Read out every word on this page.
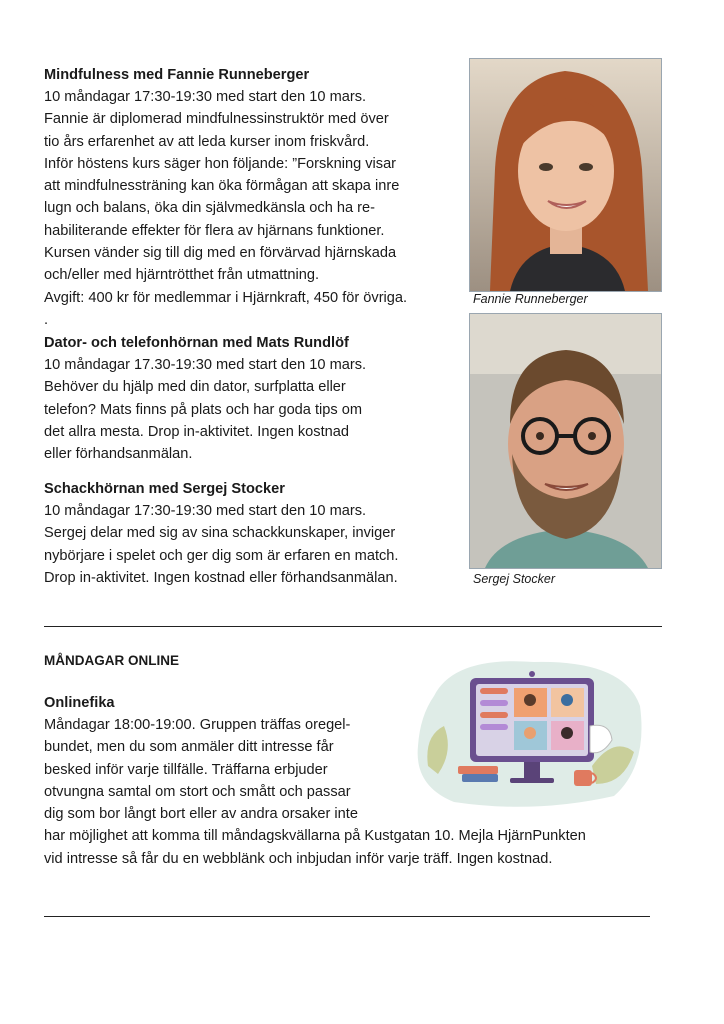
Mindfulness med Fannie Runneberger
10 måndagar 17:30-19:30 med start den 10 mars.
Fannie är diplomerad mindfulnessinstruktör med över
tio års erfarenhet av att leda kurser inom friskvård.
Inför höstens kurs säger hon följande: ”Forskning visar
att mindfulnessträning kan öka förmågan att skapa inre
lugn och balans, öka din självmedkänsla och ha re-
habiliterande effekter för flera av hjärnans funktioner.
Kursen vänder sig till dig med en förvärvad hjärnskada
och/eller med hjärntrötthet från utmattning.
Avgift: 400 kr för medlemmar i Hjärnkraft, 450 för övriga.
.
Fannie Runneberger
Dator- och telefonhörnan med Mats Rundlöf
10 måndagar 17.30-19:30 med start den 10 mars.
Behöver du hjälp med din dator, surfplatta eller
telefon? Mats finns på plats och har goda tips om
det allra mesta. Drop in-aktivitet. Ingen kostnad
eller förhandsanmälan.
Sergej Stocker
Schackhörnan med Sergej Stocker
10 måndagar 17:30-19:30 med start den 10 mars.
Sergej delar med sig av sina schackkunskaper, inviger
nybörjare i spelet och ger dig som är erfaren en match.
Drop in-aktivitet. Ingen kostnad eller förhandsanmälan.
MÅNDAGAR ONLINE
Onlinefika
Måndagar 18:00-19:00. Gruppen träffas oregel-
bundet, men du som anmäler ditt intresse får
besked inför varje tillfälle. Träffarna erbjuder
otvungna samtal om stort och smått och passar
dig som bor långt bort eller av andra orsaker inte
har möjlighet att komma till måndagskvällarna på Kustgatan 10. Mejla HjärnPunkten
vid intresse så får du en webblänk och inbjudan inför varje träff. Ingen kostnad.
